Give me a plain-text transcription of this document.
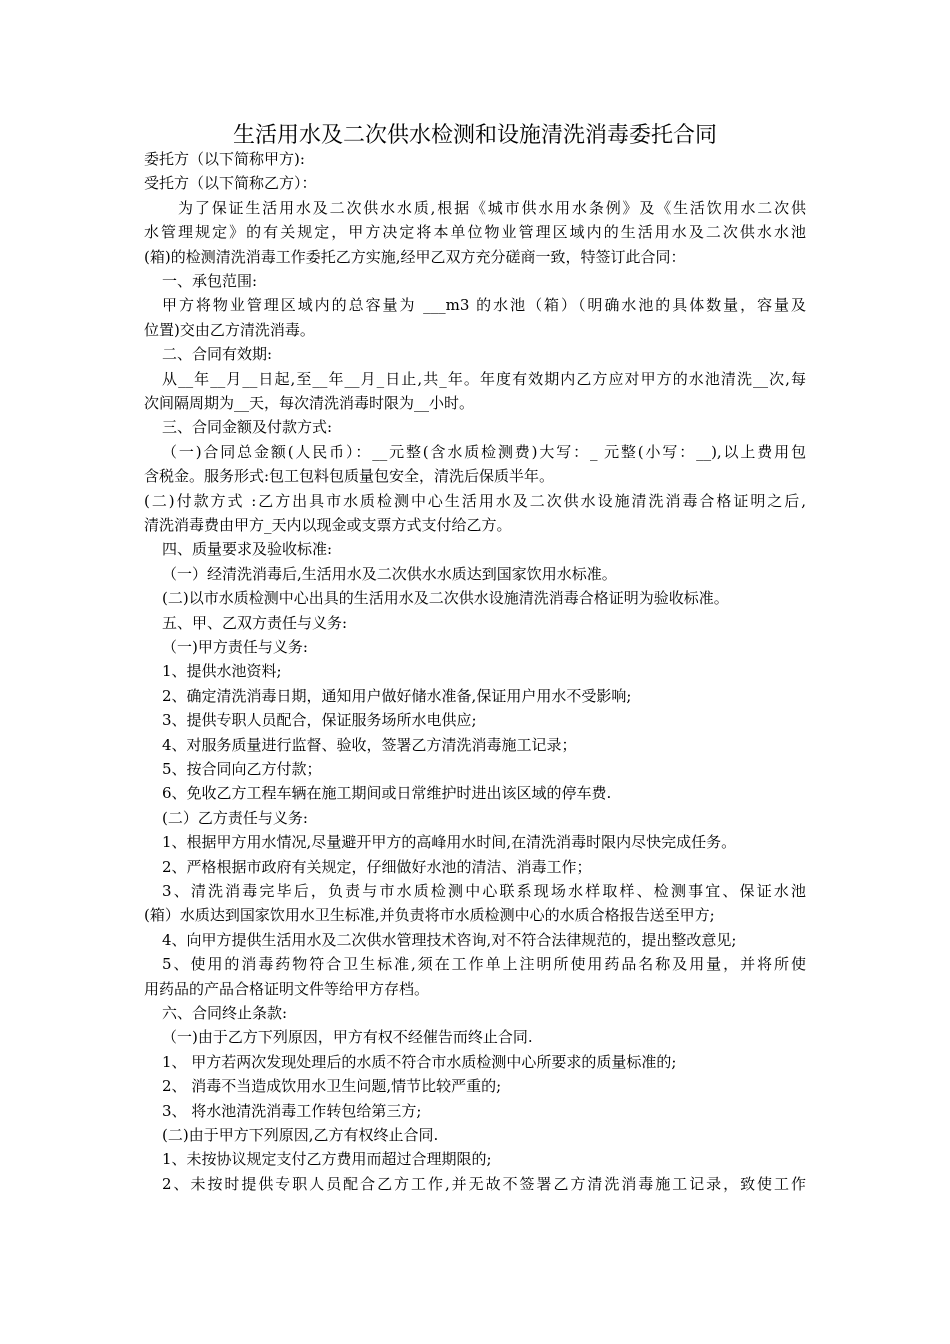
生活用水及二次供水检测和设施清洗消毒委托合同
委托方（以下简称甲方):
受托方（以下简称乙方）：
为了保证生活用水及二次供水水质,根据《城市供水用水条例》及《生活饮用水二次供
水管理规定》的有关规定，甲方决定将本单位物业管理区域内的生活用水及二次供水水池
(箱)的检测清洗消毒工作委托乙方实施,经甲乙双方充分磋商一致，特签订此合同：
一、承包范围:
甲方将物业管理区域内的总容量为 ___m3 的水池（箱）（明确水池的具体数量，容量及
位置)交由乙方清洗消毒。
二、合同有效期:
从__年__月__日起,至__年__月_日止,共_年。年度有效期内乙方应对甲方的水池清洗__次,每
次间隔周期为__天，每次清洗消毒时限为__小时。
三、合同金额及付款方式:
（一)合同总金额(人民币）：__元整(含水质检测费)大写：_ 元整(小写：__),以上费用包
含税金。服务形式:包工包料包质量包安全，清洗后保质半年。
(二)付款方式 :乙方出具市水质检测中心生活用水及二次供水设施清洗消毒合格证明之后,
清洗消毒费由甲方_天内以现金或支票方式支付给乙方。
四、质量要求及验收标准:
（一）经清洗消毒后,生活用水及二次供水水质达到国家饮用水标准。
(二)以市水质检测中心出具的生活用水及二次供水设施清洗消毒合格证明为验收标准。
五、甲、乙双方责任与义务:
（一)甲方责任与义务:
1、提供水池资料;
2、确定清洗消毒日期，通知用户做好储水准备,保证用户用水不受影响;
3、提供专职人员配合，保证服务场所水电供应;
4、对服务质量进行监督、验收，签署乙方清洗消毒施工记录；
5、按合同向乙方付款；
6、免收乙方工程车辆在施工期间或日常维护时进出该区域的停车费.
(二）乙方责任与义务:
1、根据甲方用水情况,尽量避开甲方的高峰用水时间,在清洗消毒时限内尽快完成任务。
2、严格根据市政府有关规定，仔细做好水池的清洁、消毒工作；
3、清洗消毒完毕后，负责与市水质检测中心联系现场水样取样、检测事宜、保证水池
(箱）水质达到国家饮用水卫生标准,并负责将市水质检测中心的水质合格报告送至甲方;
4、向甲方提供生活用水及二次供水管理技术咨询,对不符合法律规范的，提出整改意见;
5、使用的消毒药物符合卫生标准,须在工作单上注明所使用药品名称及用量，并将所使
用药品的产品合格证明文件等给甲方存档。
六、合同终止条款:
（一)由于乙方下列原因，甲方有权不经催告而终止合同.
1、 甲方若两次发现处理后的水质不符合市水质检测中心所要求的质量标准的;
2、 消毒不当造成饮用水卫生问题,情节比较严重的;
3、 将水池清洗消毒工作转包给第三方;
(二)由于甲方下列原因,乙方有权终止合同.
1、未按协议规定支付乙方费用而超过合理期限的;
2、未按时提供专职人员配合乙方工作,并无故不签署乙方清洗消毒施工记录，致使工作
